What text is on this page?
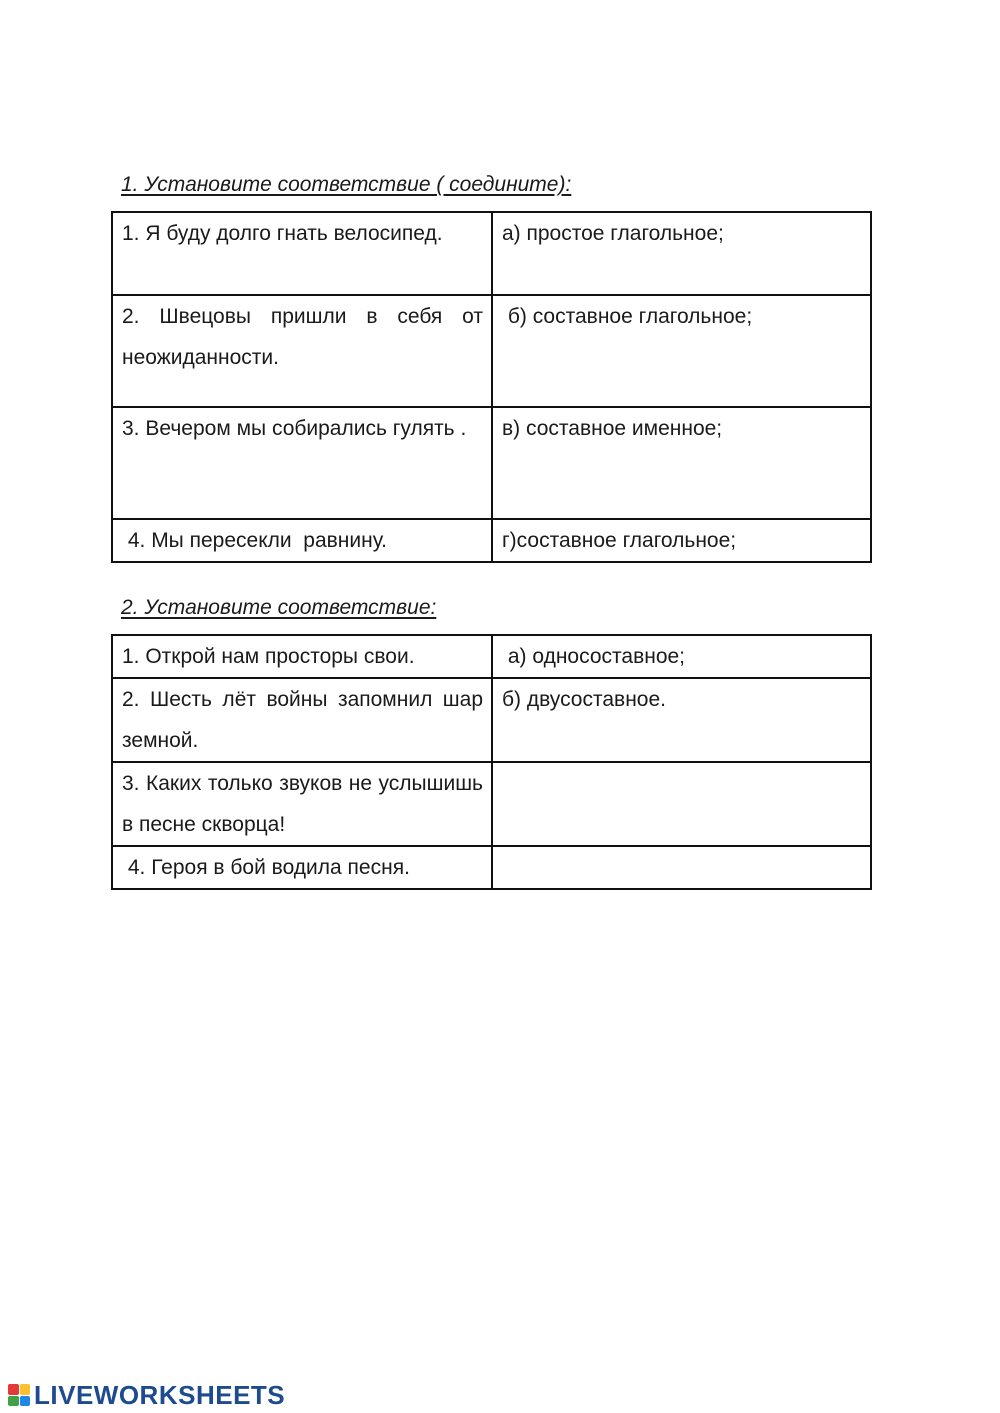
1. Установите соответствие ( соедините):
1. Я буду долго гнать велосипед.	а) простое глагольное;
2. Швецовы пришли в себя от неожиданности.	б) составное глагольное;
3. Вечером мы собирались гулять .	в) составное именное;
4. Мы пересекли  равнину.	г)составное глагольное;
2. Установите соответствие:
1. Открой нам просторы свои.	а) односоставное;
2. Шесть лёт войны запомнил шар земной.	б) двусоставное.
3. Каких только звуков не услышишь в песне скворца!	
4. Героя в бой водила песня.	
LIVEWORKSHEETS
